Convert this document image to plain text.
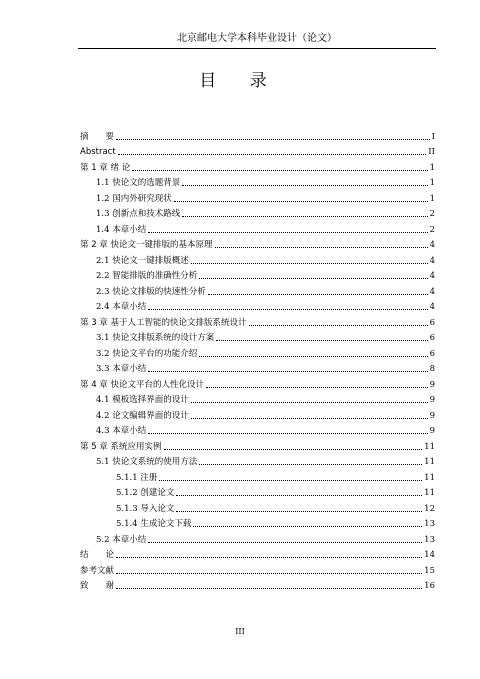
北京邮电大学本科毕业设计（论文）
目 录
摘　　要	I
Abstract	II
第 1 章 绪 论	1
1.1 快论文的选题背景	1
1.2 国内外研究现状	1
1.3 创新点和技术路线	2
1.4 本章小结	2
第 2 章 快论文一键排版的基本原理	4
2.1 快论文一键排版概述	4
2.2 智能排版的准确性分析	4
2.3 快论文排版的快速性分析	4
2.4 本章小结	4
第 3 章 基于人工智能的快论文排版系统设计	6
3.1 快论文排版系统的设计方案	6
3.2 快论文平台的功能介绍	6
3.3 本章小结	8
第 4 章 快论文平台的人性化设计	9
4.1 模板选择界面的设计	9
4.2 论文编辑界面的设计	9
4.3 本章小结	9
第 5 章 系统应用实例	11
5.1 快论文系统的使用方法	11
5.1.1 注册	11
5.1.2 创建论文	11
5.1.3 导入论文	12
5.1.4 生成论文下载	13
5.2 本章小结	13
结　　论	14
参考文献	15
致　　谢	16
III
